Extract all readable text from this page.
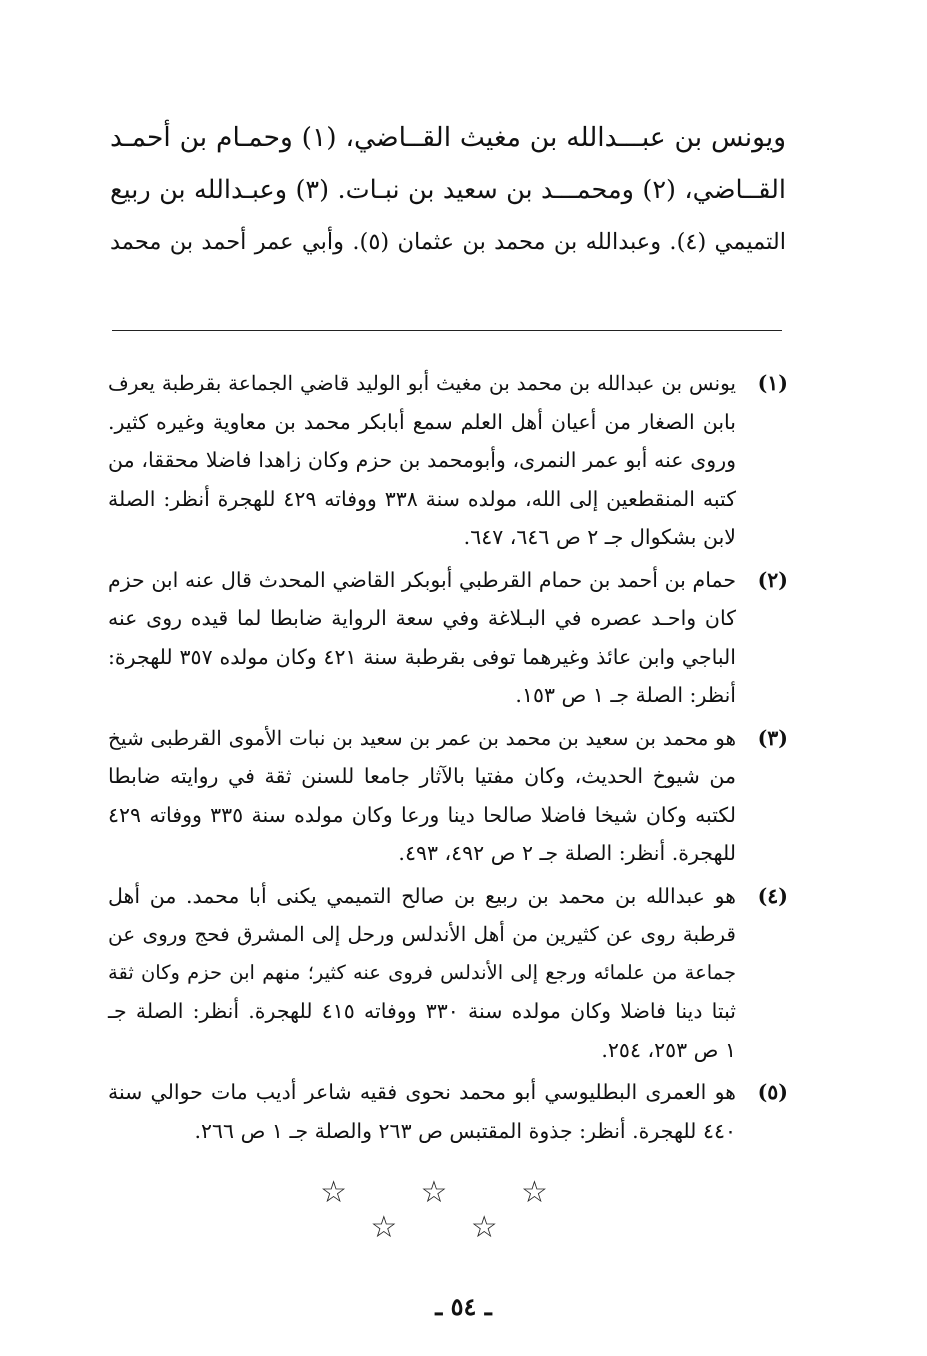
ويونس بن عبـــدالله بن مغيث القــاضي، (١) وحمـام بن أحمـد
القــاضي، (٢) ومحمـــد بن سعيد بن نبـات. (٣) وعبـدالله بن ربيع
التميمي (٤). وعبدالله بن محمد بن عثمان (٥). وأبي عمر أحمد بن محمد
(١)
يونس بن عبدالله بن محمد بن مغيث أبو الوليد قاضي الجماعة بقرطبة يعرف
بابن الصغار من أعيان أهل العلم سمع أبابكر محمد بن معاوية وغيره كثير.
وروى عنه أبو عمر النمرى، وأبومحمد بن حزم وكان زاهدا فاضلا محققا، من
كتبه المنقطعين إلى الله، مولده سنة ٣٣٨ ووفاته ٤٢٩ للهجرة أنظر: الصلة
لابن بشكوال جـ ٢ ص ٦٤٦، ٦٤٧.
(٢)
حمام بن أحمد بن حمام القرطبي أبوبكر القاضي المحدث قال عنه ابن حزم
كان واحـد عصره في البـلاغة وفي سعة الرواية ضابطا لما قيده روى عنه
الباجي وابن عائذ وغيرهما توفى بقرطبة سنة ٤٢١ وكان مولده ٣٥٧ للهجرة:
أنظر: الصلة جـ ١ ص ١٥٣.
(٣)
هو محمد بن سعيد بن محمد بن عمر بن سعيد بن نبات الأموى القرطبى شيخ
من شيوخ الحديث، وكان مفتيا بالآثار جامعا للسنن ثقة في روايته ضابطا
لكتبه وكان شيخا فاضلا صالحا دينا ورعا وكان مولده سنة ٣٣٥ ووفاته ٤٢٩
للهجرة. أنظر: الصلة جـ ٢ ص ٤٩٢، ٤٩٣.
(٤)
هو عبدالله بن محمد بن ربيع بن صالح التميمي يكنى أبا محمد. من أهل
قرطبة روى عن كثيرين من أهل الأندلس ورحل إلى المشرق فحج وروى عن
جماعة من علمائه ورجع إلى الأندلس فروى عنه كثير؛ منهم ابن حزم وكان ثقة
ثبتا دينا فاضلا وكان مولده سنة ٣٣٠ ووفاته ٤١٥ للهجرة. أنظر: الصلة جـ
١ ص ٢٥٣، ٢٥٤.
(٥)
هو العمرى البطليوسي أبو محمد نحوى فقيه شاعر أديب مات حوالي سنة
٤٤٠ للهجرة. أنظر: جذوة المقتبس ص ٢٦٣ والصلة جـ ١ ص ٢٦٦.
☆ ☆ ☆ ☆ ☆
ـ ٥٤ ـ
